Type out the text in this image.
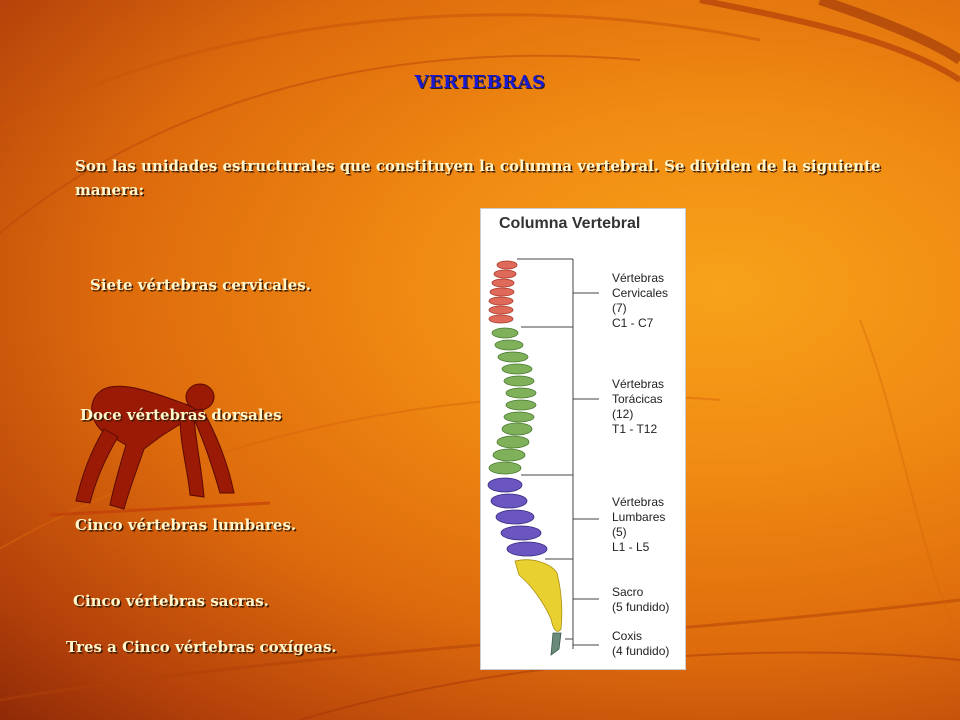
VERTEBRAS
Son las unidades estructurales que constituyen la columna vertebral. Se dividen de la siguiente manera:
Siete vértebras cervicales.
Doce vértebras dorsales
Cinco vértebras lumbares.
Cinco vértebras sacras.
Tres a Cinco vértebras coxígeas.
Columna Vertebral
Vértebras
Cervicales
(7)
C1 - C7
Vértebras
Torácicas
(12)
T1 - T12
Vértebras
Lumbares
(5)
L1 - L5
Sacro
(5 fundido)
Coxis
(4 fundido)
